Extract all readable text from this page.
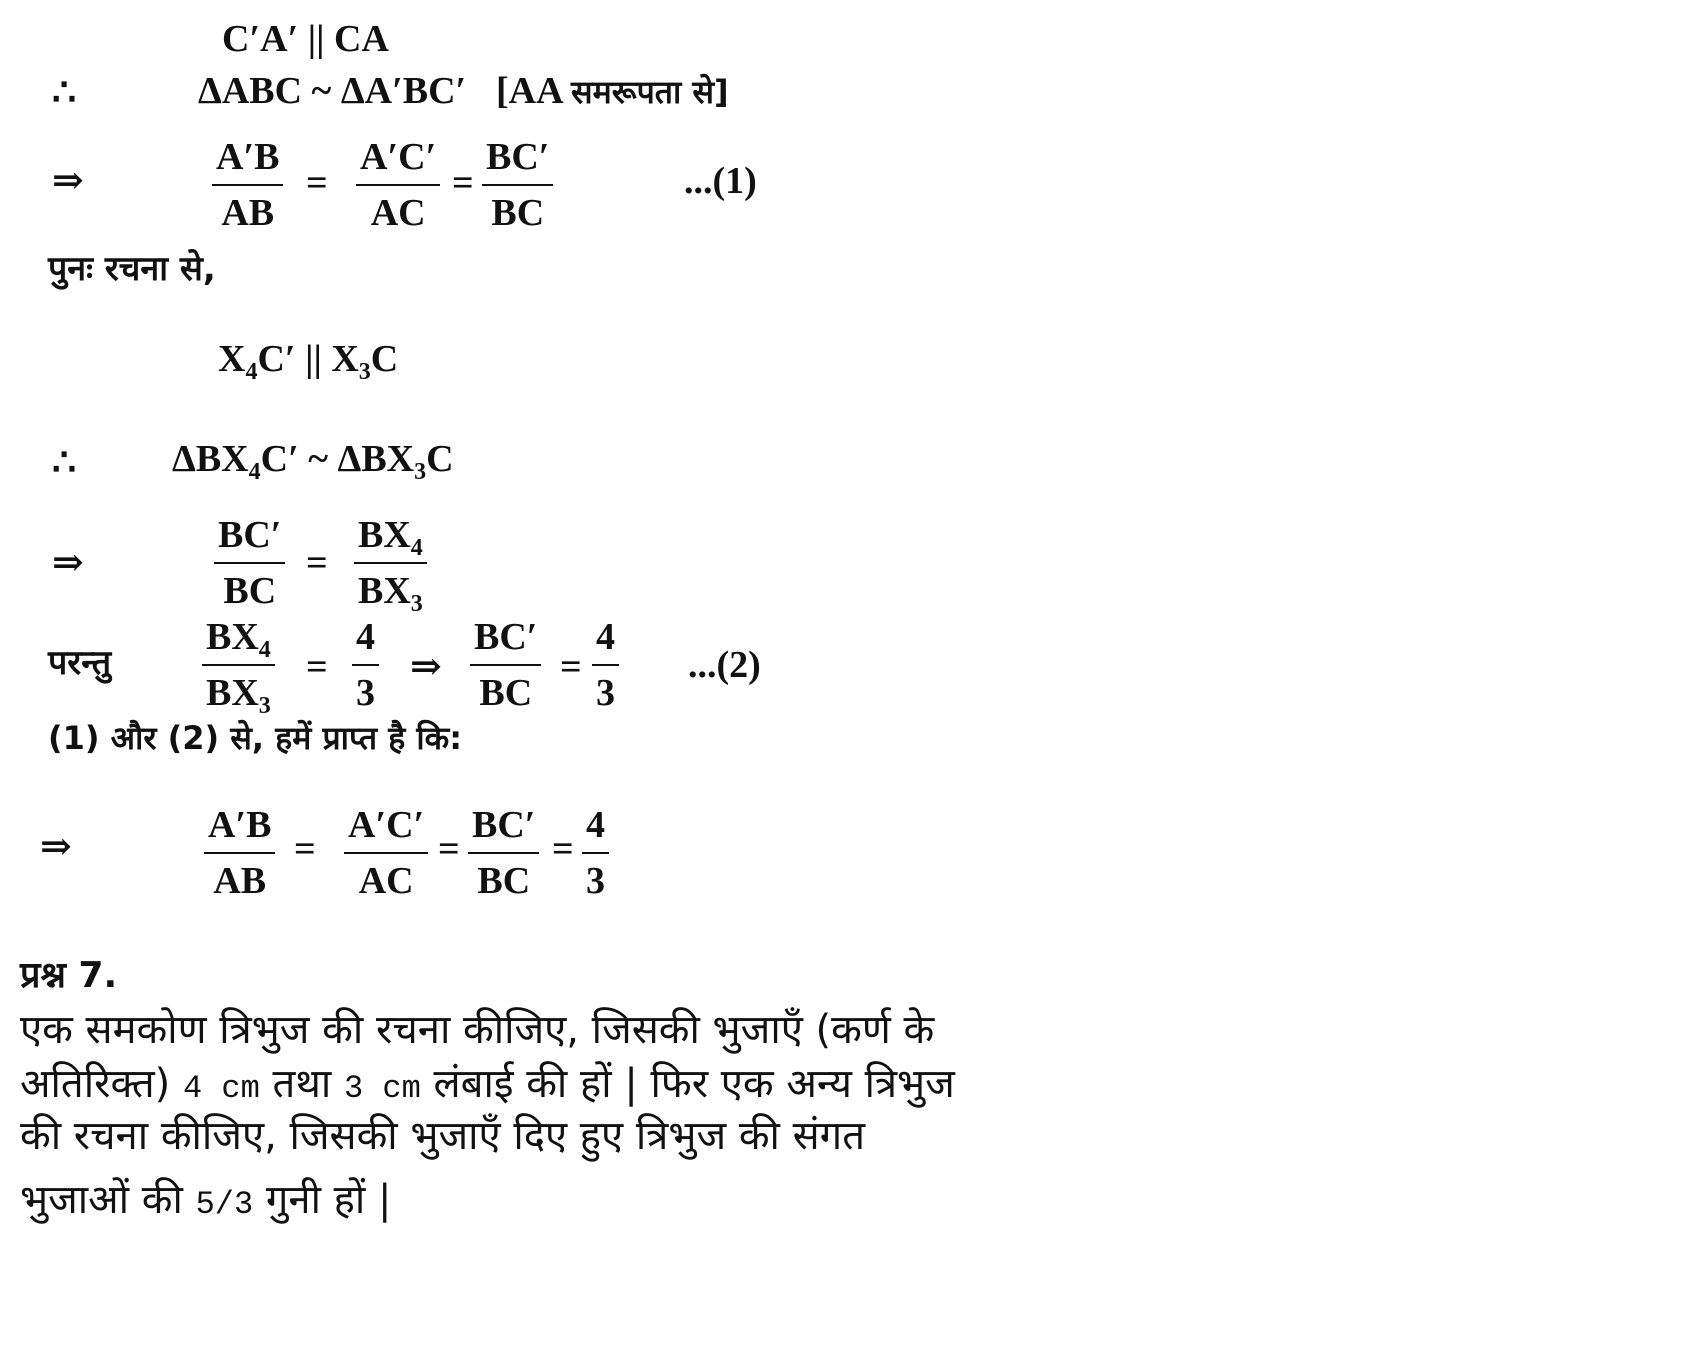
C′A′ || CA
∴	ΔABC ~ ΔA′BC′ [AA समरूपता से]
⇒	$\frac{A'B}{AB} = \frac{A'C'}{AC} = \frac{BC'}{BC}$	...(1)
पुनः रचना से,
$X_4C'$ || $X_3C$
∴	$\Delta BX_4C'$ ~ $\Delta BX_3C$
⇒	$\frac{BC'}{BC} = \frac{BX_4}{BX_3}$
परन्तु $\frac{BX_4}{BX_3} = \frac{4}{3}$ ⇒ $\frac{BC'}{BC} = \frac{4}{3} ...(2)$
(1) और (2) से, हमें प्राप्त है कि:
⇒	$\frac{A'B}{AB} = \frac{A'C'}{AC} = \frac{BC'}{BC} = \frac{4}{3}$
प्रश्न 7.
एक समकोण त्रिभुज की रचना कीजिए, जिसकी भुजाएँ (कर्ण के
अतिरिक्त) 4 cm तथा 3 cm लंबाई की हों | फिर एक अन्य त्रिभुज
की रचना कीजिए, जिसकी भुजाएँ दिए हुए त्रिभुज की संगत
भुजाओं की 5/3 गुनी हों |
